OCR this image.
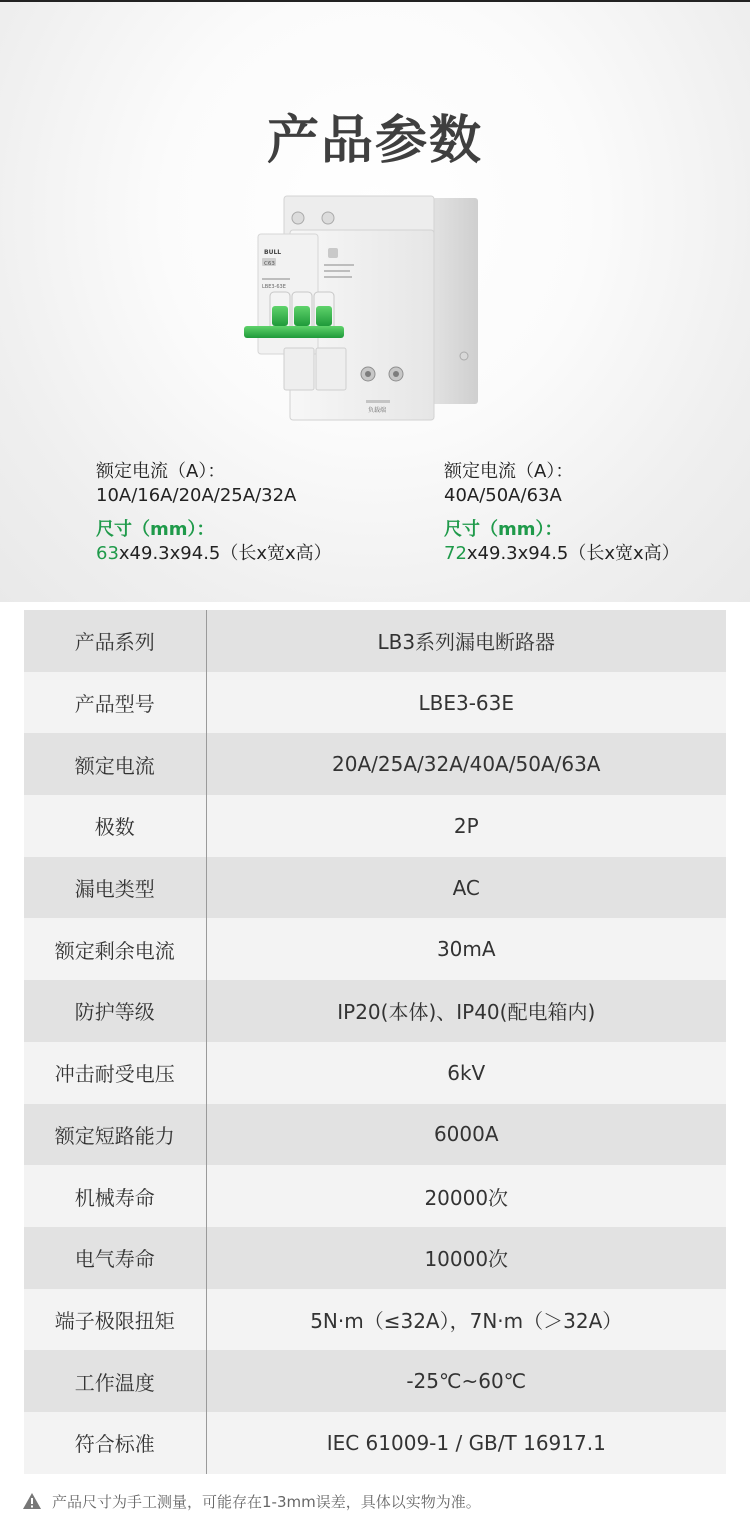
产品参数
BULL
C63
LBE3-63E
负载端
额定电流（A）：
10A/16A/20A/25A/32A
尺寸（mm）：
63x49.3x94.5（长x宽x高）
额定电流（A）：
40A/50A/63A
尺寸（mm）：
72x49.3x94.5（长x宽x高）
产品系列	LB3系列漏电断路器
产品型号	LBE3-63E
额定电流	20A/25A/32A/40A/50A/63A
极数	2P
漏电类型	AC
额定剩余电流	30mA
防护等级	IP20(本体)、IP40(配电箱内)
冲击耐受电压	6kV
额定短路能力	6000A
机械寿命	20000次
电气寿命	10000次
端子极限扭矩	5N·m（≤32A），7N·m（＞32A）
工作温度	-25℃~60℃
符合标准	IEC 61009-1 / GB/T 16917.1
产品尺寸为手工测量，可能存在1-3mm误差，具体以实物为准。
